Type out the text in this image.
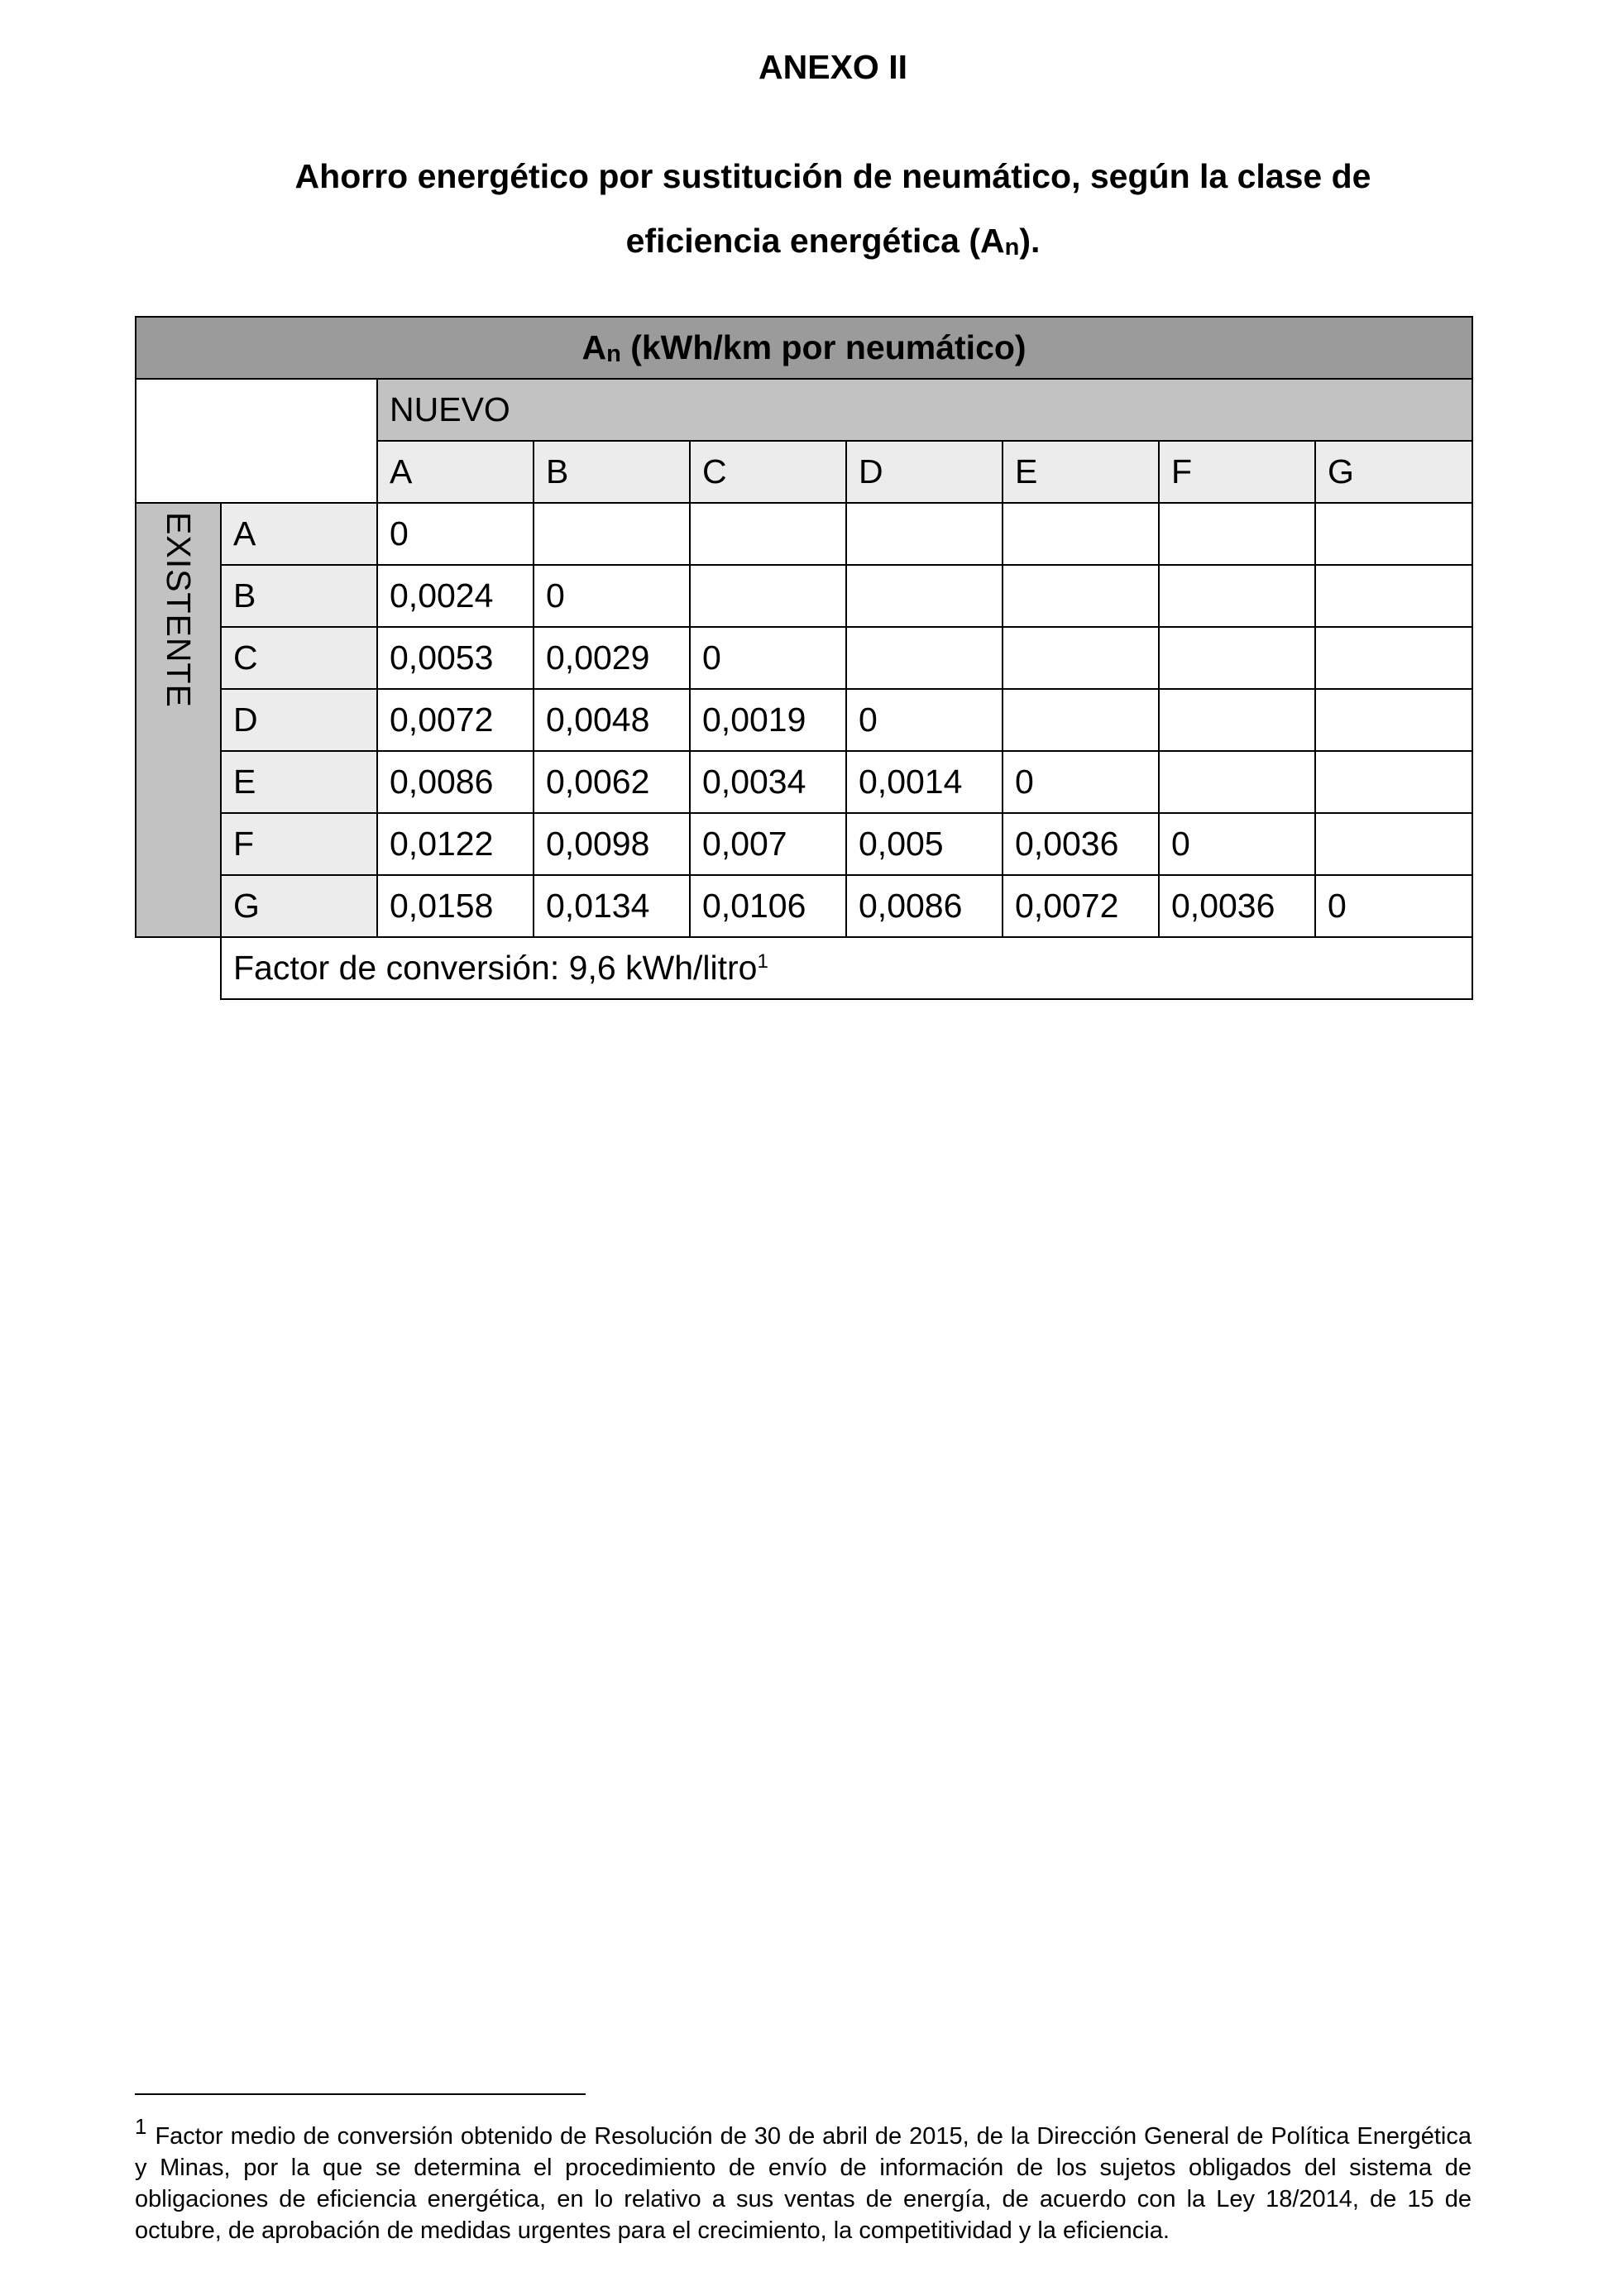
ANEXO II
Ahorro energético por sustitución de neumático, según la clase de
eficiencia energética (An).
An (kWh/km por neumático)								
		NUEVO						
		A	B	C	D	E	F	G
EXISTENTE	A	0						
	B	0,0024	0					
	C	0,0053	0,0029	0				
	D	0,0072	0,0048	0,0019	0			
	E	0,0086	0,0062	0,0034	0,0014	0		
	F	0,0122	0,0098	0,007	0,005	0,0036	0	
	G	0,0158	0,0134	0,0106	0,0086	0,0072	0,0036	0
	Factor de conversión: 9,6 kWh/litro$^1$
1 Factor medio de conversión obtenido de Resolución de 30 de abril de 2015, de la Dirección General de Política Energética y Minas, por la que se determina el procedimiento de envío de información de los sujetos obligados del sistema de obligaciones de eficiencia energética, en lo relativo a sus ventas de energía, de acuerdo con la Ley 18/2014, de 15 de octubre, de aprobación de medidas urgentes para el crecimiento, la competitividad y la eficiencia.
